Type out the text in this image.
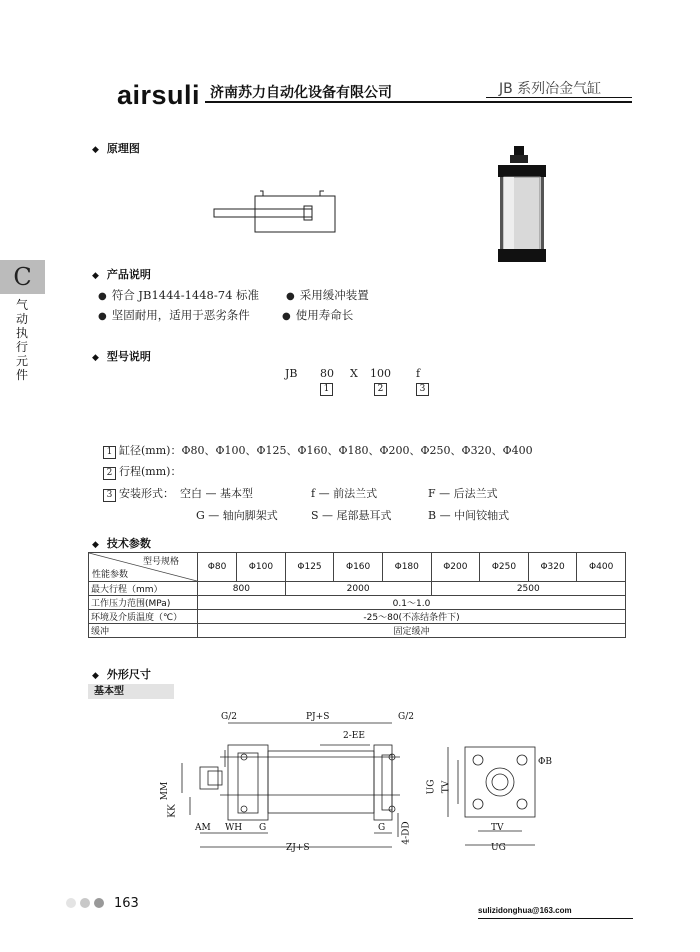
airsuli 济南苏力自动化设备有限公司	JB 系列冶金气缸
C
气
动
执
行
元
件
◆ 原理图
◆ 产品说明
● 符合 JB1444-1448-74 标准	● 采用缓冲装置
● 坚固耐用，适用于恶劣条件	● 使用寿命长
◆ 型号说明
JB 80 X 100 f
1	2	3
1 缸径(mm)：Φ80、Φ100、Φ125、Φ160、Φ180、Φ200、Φ250、Φ320、Φ400
2 行程(mm)：
3 安装形式： 空白 — 基本型	f — 前法兰式	F — 后法兰式
G — 轴向脚架式	S — 尾部悬耳式	B — 中间铰轴式
◆ 技术参数
型号规格
性能参数	Φ80	Φ100	Φ125	Φ160	Φ180	Φ200	Φ250	Φ320	Φ400
最大行程（mm）	800		2000			2500			
工作压力范围(MPa)	0.1～1.0								
环境及介质温度（℃）	-25～80(不冻结条件下)								
缓冲	固定缓冲								
◆ 外形尺寸
基本型
G/2	PJ+S	G/2
2-EE
MM
KK
AM WH G	G
ZJ+S
4-DD
UG TV
ΦB
TV
UG
163	sulizidonghua@163.com
